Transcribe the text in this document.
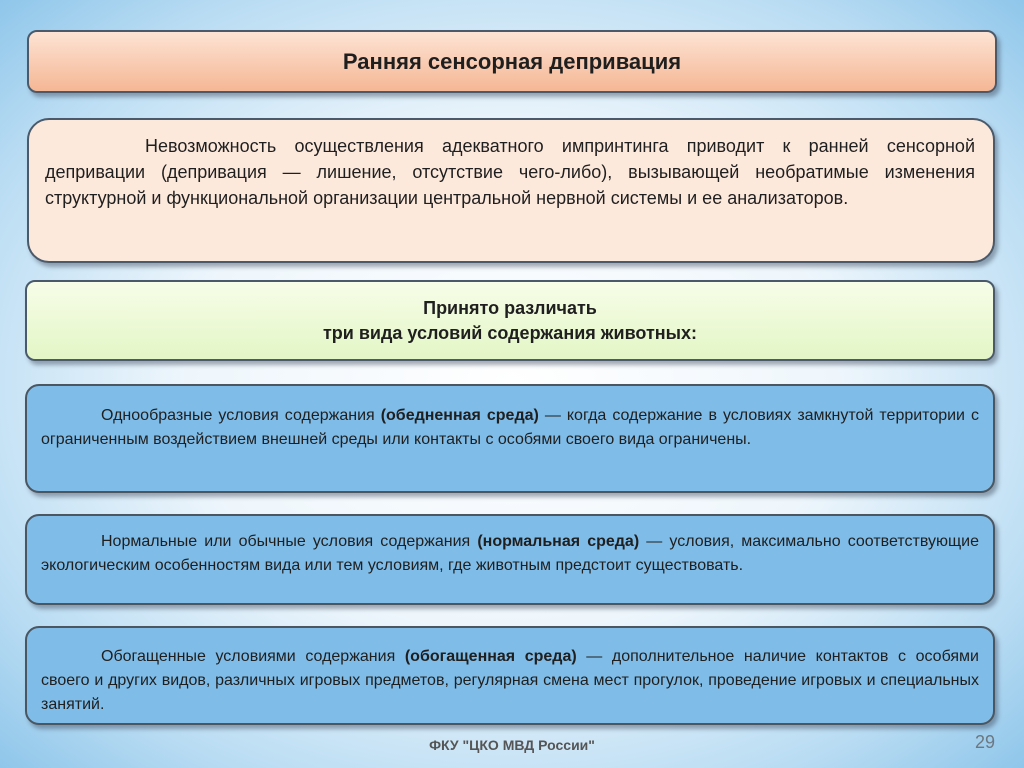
Ранняя сенсорная депривация

Невозможность осуществления адекватного импринтинга приводит к ранней сенсорной депривации (депривация — лишение, отсутствие чего-либо), вызывающей необратимые изменения структурной и функциональной организации центральной нервной системы и ее анализаторов.

Принято различать
три вида условий содержания животных:

Однообразные условия содержания (обедненная среда) — когда содержание в условиях замкнутой территории с ограниченным воздействием внешней среды или контакты с особями своего вида ограничены.

Нормальные или обычные условия содержания (нормальная среда) — условия, максимально соответствующие экологическим особенностям вида или тем условиям, где животным предстоит существовать.

Обогащенные условиями содержания (обогащенная среда) — дополнительное наличие контактов с особями своего и других видов, различных игровых предметов, регулярная смена мест прогулок, проведение игровых и специальных занятий.

ФКУ "ЦКО МВД России"	29
